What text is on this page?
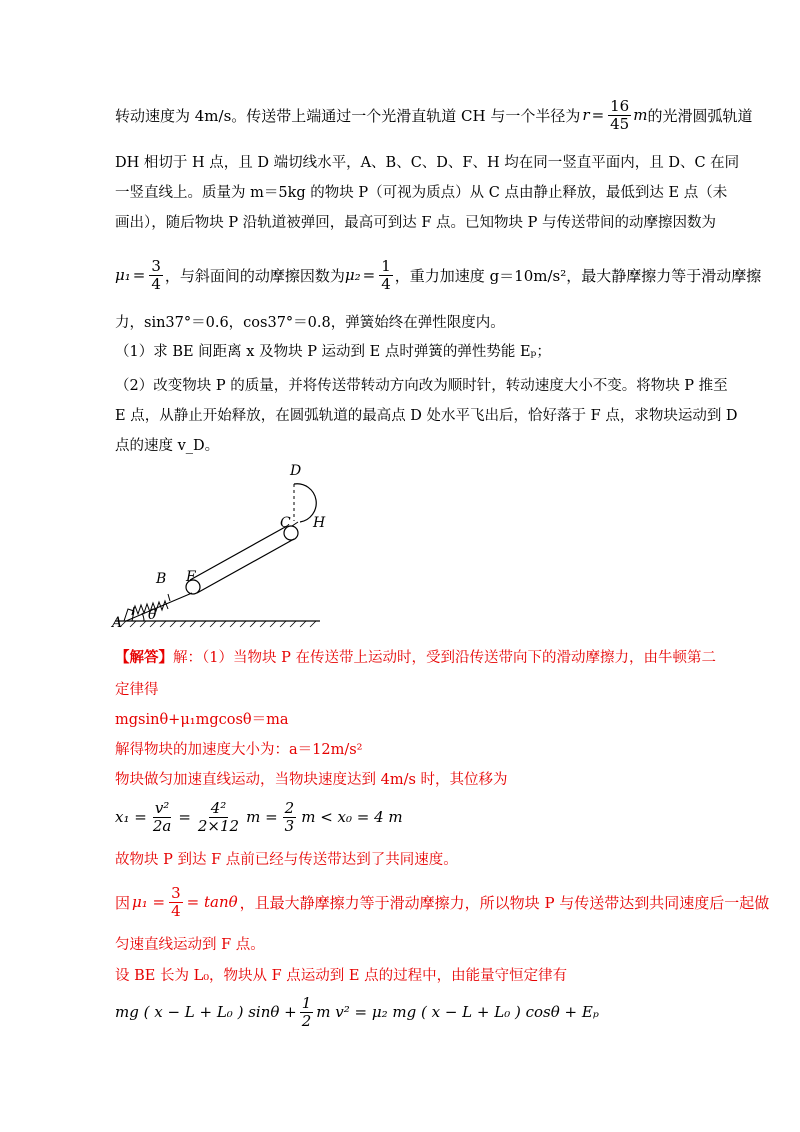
转动速度为 4m/s。传送带上端通过一个光滑直轨道 CH 与一个半径为 $r = \frac{16}{45}$ m 的光滑圆弧轨道
DH 相切于 H 点，且 D 端切线水平，A、B、C、D、F、H 均在同一竖直平面内，且 D、C 在同
一竖直线上。质量为 m＝5kg 的物块 P（可视为质点）从 C 点由静止释放，最低到达 E 点（未
画出），随后物块 P 沿轨道被弹回，最高可到达 F 点。已知物块 P 与传送带间的动摩擦因数为
$\mu_1 = \frac{3}{4}$ ，与斜面间的动摩擦因数为 $\mu_2 = \frac{1}{4}$ ，重力加速度 g＝10m/s²，最大静摩擦力等于滑动摩擦
力，sin37°＝0.6，cos37°＝0.8，弹簧始终在弹性限度内。
（1）求 BE 间距离 x 及物块 P 运动到 E 点时弹簧的弹性势能 Eₚ；
（2）改变物块 P 的质量，并将传送带转动方向改为顺时针，转动速度大小不变。将物块 P 推至
E 点，从静止开始释放，在圆弧轨道的最高点 D 处水平飞出后，恰好落于 F 点，求物块运动到 D
点的速度 v_D。
A
B F
C H
D
θ
【解答】解：（1）当物块 P 在传送带上运动时，受到沿传送带向下的滑动摩擦力，由牛顿第二
定律得
mgsinθ+μ₁mgcosθ＝ma
解得物块的加速度大小为：a＝12m/s²
物块做匀加速直线运动，当物块速度达到 4m/s 时，其位移为
$x_1 = \frac{\text{v²}}{2a} = \frac{\text{4²}}{2\times 12}$ $m = \frac{2}{3}$ m < x₀ = 4 m
故物块 P 到达 F 点前已经与传送带达到了共同速度。
因 $\mu_1 = \frac{3}{4} = \tan\theta$ ，且最大静摩擦力等于滑动摩擦力，所以物块 P 与传送带达到共同速度后一起做
匀速直线运动到 F 点。
设 BE 长为 L₀，物块从 F 点运动到 E 点的过程中，由能量守恒定律有
mg ( x − L + L₀ ) $\sin\theta + \frac{1}{2}$ m v² = μ₂ mg ( x − L + L₀ ) cosθ + Eₚ
